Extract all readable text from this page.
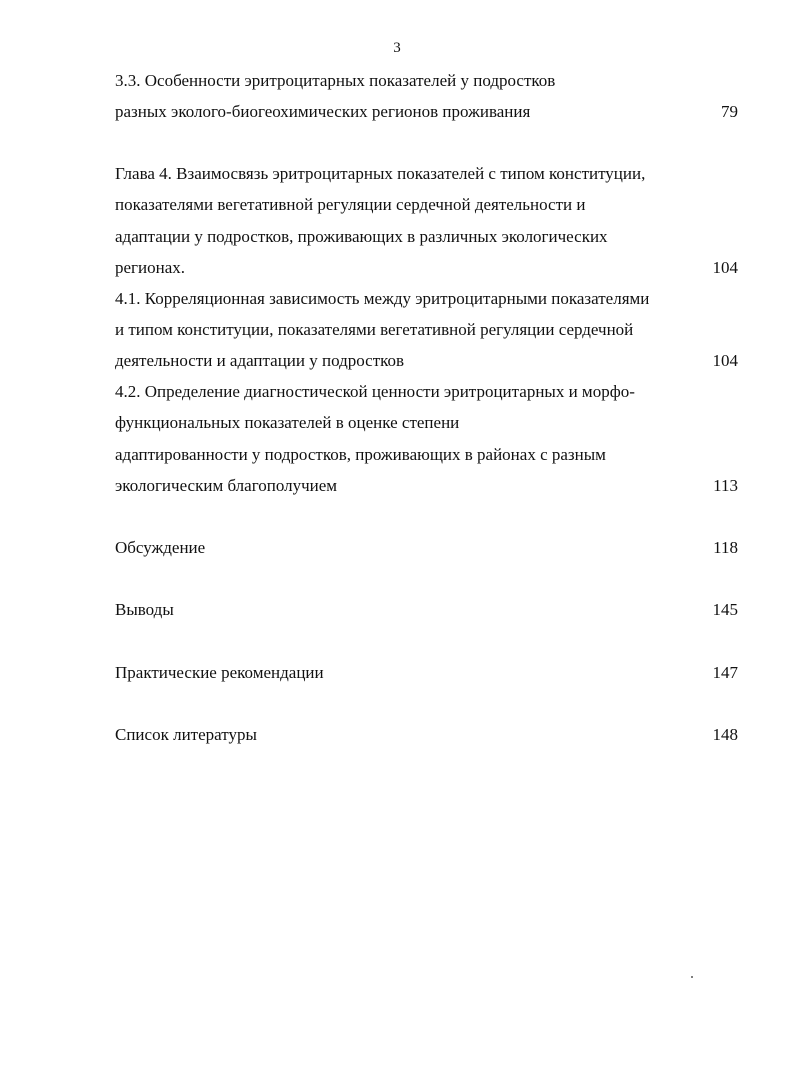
3
3.3. Особенности эритроцитарных показателей у подростков
разных эколого-биогеохимических регионов проживания	79
Глава 4. Взаимосвязь эритроцитарных показателей с типом конституции,
показателями вегетативной регуляции сердечной деятельности и
адаптации у подростков, проживающих в различных экологических
регионах.	104
4.1. Корреляционная зависимость между эритроцитарными показателями
и типом конституции, показателями вегетативной регуляции сердечной
деятельности и адаптации у подростков	104
4.2. Определение диагностической ценности эритроцитарных и морфо-
функциональных показателей в оценке степени
адаптированности у подростков, проживающих в районах с разным
экологическим благополучием	113
Обсуждение	118
Выводы	145
Практические рекомендации	147
Список литературы	148
